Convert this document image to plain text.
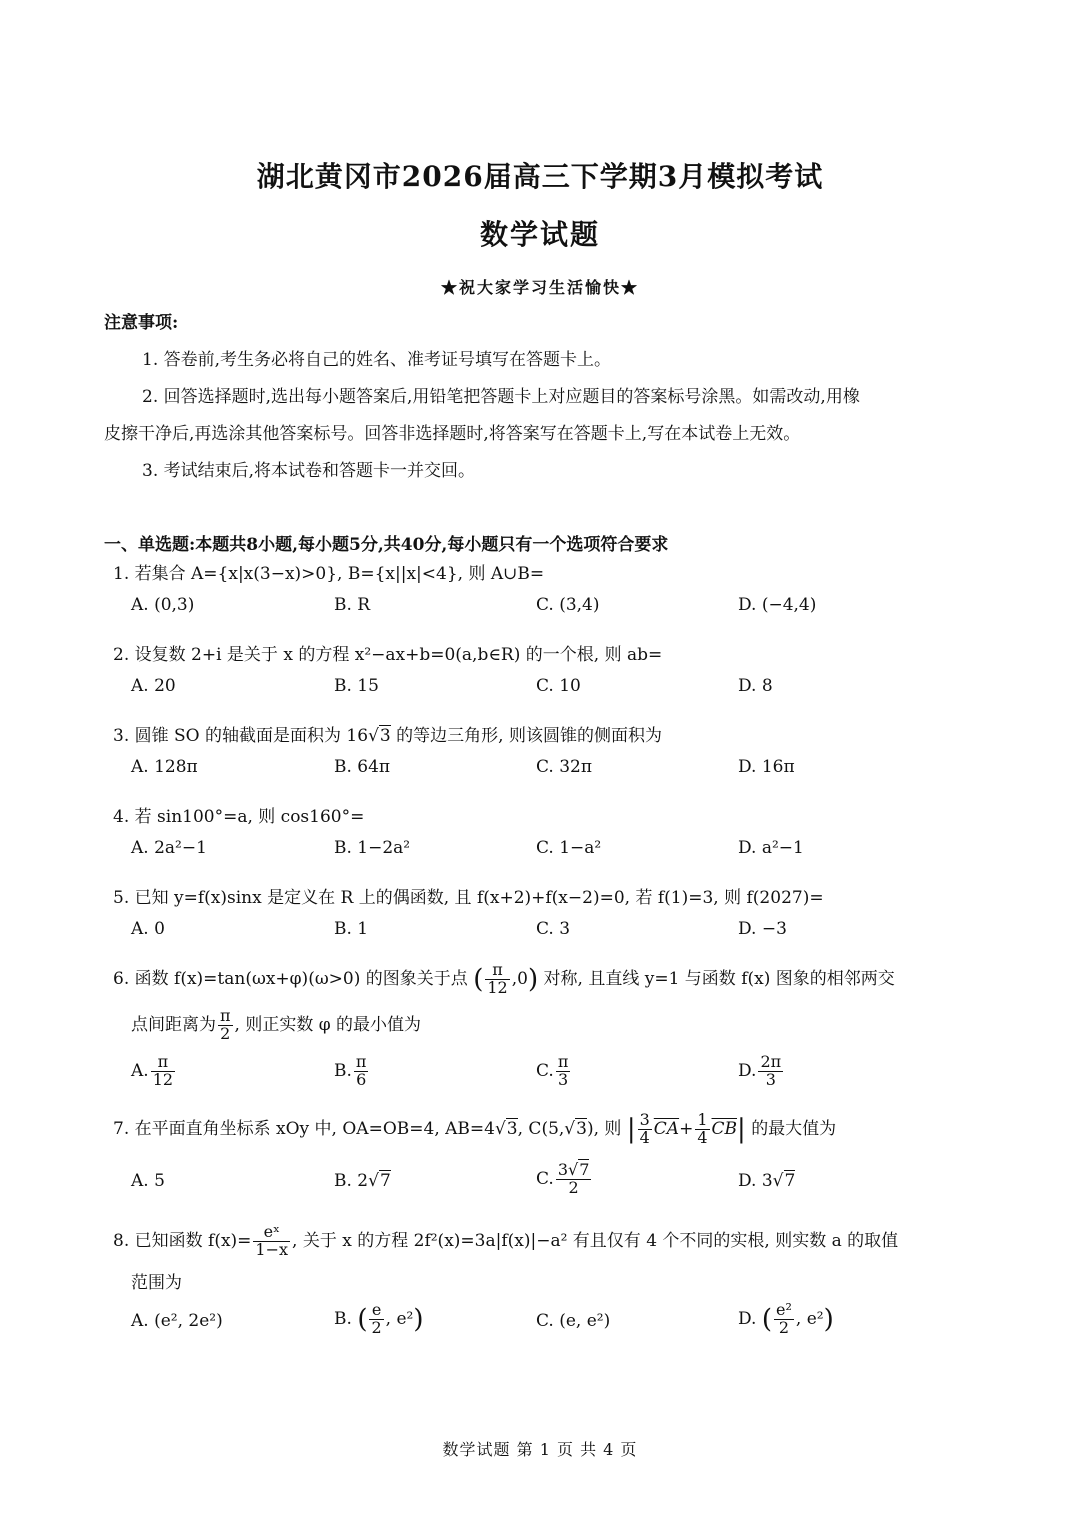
湖北黄冈市2026届高三下学期3月模拟考试
数学试题
★祝大家学习生活愉快★
注意事项:
1. 答卷前,考生务必将自己的姓名、准考证号填写在答题卡上。
2. 回答选择题时,选出每小题答案后,用铅笔把答题卡上对应题目的答案标号涂黑。如需改动,用橡
皮擦干净后,再选涂其他答案标号。回答非选择题时,将答案写在答题卡上,写在本试卷上无效。
3. 考试结束后,将本试卷和答题卡一并交回。
一、单选题:本题共8小题,每小题5分,共40分,每小题只有一个选项符合要求
1. 若集合 A={x|x(3−x)>0}, B={x||x|<4}, 则 A∪B=
A. (0,3)	B. R	C. (3,4)	D. (−4,4)
2. 设复数 2+i 是关于 x 的方程 x²−ax+b=0(a,b∈R) 的一个根, 则 ab=
A. 20	B. 15	C. 10	D. 8
3. 圆锥 SO 的轴截面是面积为 16√3 的等边三角形, 则该圆锥的侧面积为
A. 128π	B. 64π	C. 32π	D. 16π
4. 若 sin100°=a, 则 cos160°=
A. 2a²−1	B. 1−2a²	C. 1−a²	D. a²−1
5. 已知 y=f(x)sinx 是定义在 R 上的偶函数, 且 f(x+2)+f(x−2)=0, 若 f(1)=3, 则 f(2027)=
A. 0	B. 1	C. 3	D. −3
6. 函数 f(x)=tan(ωx+φ)(ω>0) 的图象关于点 ( $\frac{\pi}{12} ,0$) 对称, 且直线 y=1 与函数 f(x) 图象的相邻两交
点间距离为 $\frac{\pi}{2}$ , 则正实数 φ 的最小值为
A. $\frac{\pi}{12}$	B. $\frac{\pi}{6}$	C. $\frac{\pi}{3}$	D. $\frac{2\pi}{3}$
7. 在平面直角坐标系 xOy 中, OA=OB=4, AB=4√3, C(5,√3), 则 | $\frac{3}{4} \overline{CA}+ \frac{1}{4} \overline{CB}|$ 的最大值为
A. 5	B. 2√7	C. $\frac{3√7}{2}$	D. 3√7
8. 已知函数 $f(x)= \frac{\text{eˣ}}{1-x}$ , 关于 x 的方程 2f²(x)=3a|f(x)|−a² 有且仅有 4 个不同的实根, 则实数 a 的取值
范围为
A. (e², 2e²)	B. ( $\frac{e}{2}$ , e²)	C. (e, e²)	D. ( $\frac{\text{e²}}{2}$ , e²)
数学试题 第 1 页 共 4 页
